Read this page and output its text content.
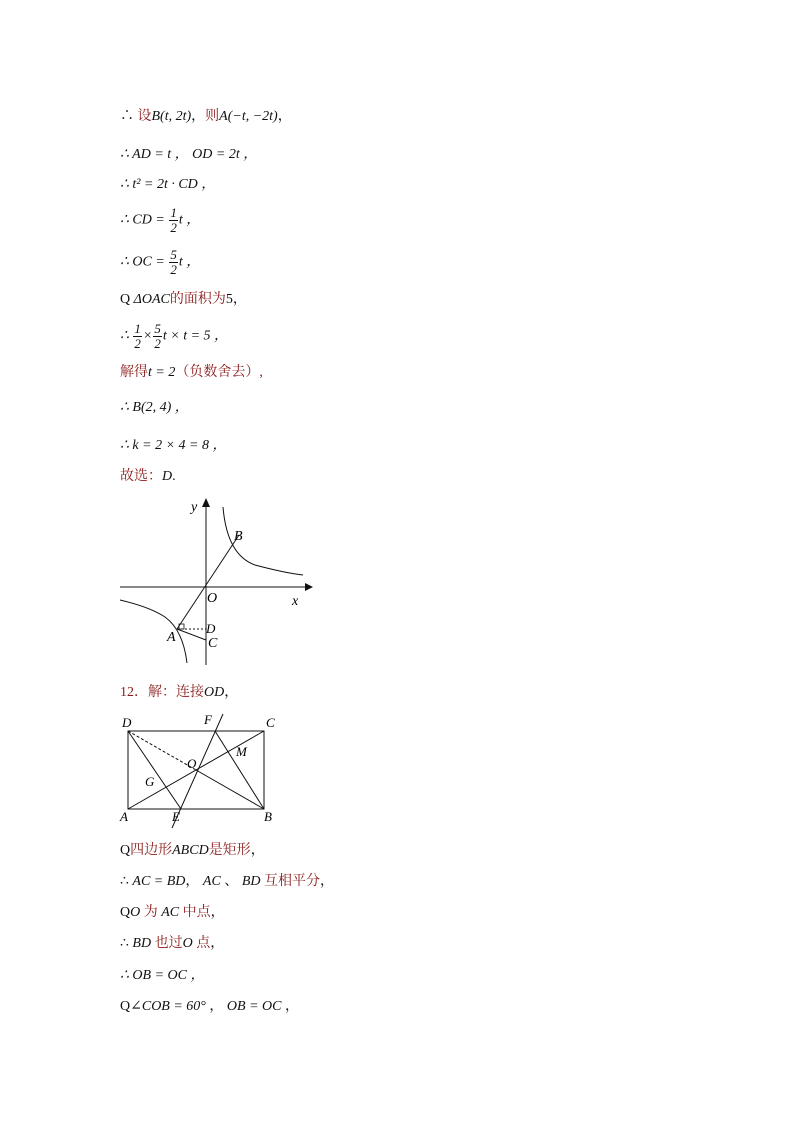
∴ 设B(t, 2t)，则A(−t, −2t)，
∴ AD = t ， OD = 2t ，
∴ t² = 2t · CD ，
∴ CD = $\frac{1}{2}$ t ，
∴ OC = $\frac{5}{2}$ t ，
Q ΔOAC的面积为5，
∴ $\frac{1}{2} \times \frac{5}{2}$ t × t = 5 ，
解得t = 2（负数舍去）,
∴ B(2, 4) ，
∴ k = 2 × 4 = 8 ，
故选：D.
y
x
O
B
A
D
C
12．解：连接OD，
D	F	C
M
O
G
A	E	B
Q四边形ABCD是矩形，
∴ AC = BD， AC 、 BD 互相平分，
QO 为 AC 中点，
∴ BD 也过O 点，
∴ OB = OC ，
Q∠COB = 60° ， OB = OC ，
